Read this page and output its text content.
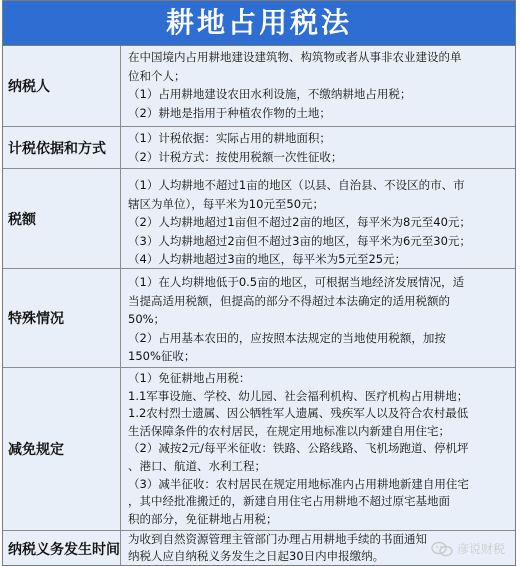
耕地占用税法
纳税人
在中国境内占用耕地建设建筑物、构筑物或者从事非农业建设的单
位和个人；
（1）占用耕地建设农田水利设施，不缴纳耕地占用税；
（2）耕地是指用于种植农作物的土地；
计税依据和方式
（1）计税依据：实际占用的耕地面积；
（2）计税方式：按使用税额一次性征收；
税额
（1）人均耕地不超过1亩的地区（以县、自治县、不设区的市、市
辖区为单位），每平米为10元至50元；
（2）人均耕地超过1亩但不超过2亩的地区，每平米为8元至40元；
（3）人均耕地超过2亩但不超过3亩的地区，每平米为6元至30元；
（4）人均耕地超过3亩的地区，每平米为5元至25元；
特殊情况
（1）在人均耕地低于0.5亩的地区，可根据当地经济发展情况，适
当提高适用税额，但提高的部分不得超过本法确定的适用税额的
50%；
（2）占用基本农田的，应按照本法规定的当地使用税额，加按
150%征收；
减免规定
（1）免征耕地占用税：
1.1军事设施、学校、幼儿园、社会福利机构、医疗机构占用耕地；
1.2农村烈士遗属、因公牺牲军人遗属、残疾军人以及符合农村最低
生活保障条件的农村居民，在规定用地标准以内新建自用住宅；
（2）减按2元/每平米征收：铁路、公路线路、飞机场跑道、停机坪
、港口、航道、水利工程；
（3）减半征收：农村居民在规定用地标准内占用耕地新建自用住宅
，其中经批准搬迁的，新建自用住宅占用耕地不超过原宅基地面
积的部分，免征耕地占用税；
纳税义务发生时间
为收到自然资源管理主管部门办理占用耕地手续的书面通知
纳税人应自纳税义务发生之日起30日内申报缴纳。	彦说财税
